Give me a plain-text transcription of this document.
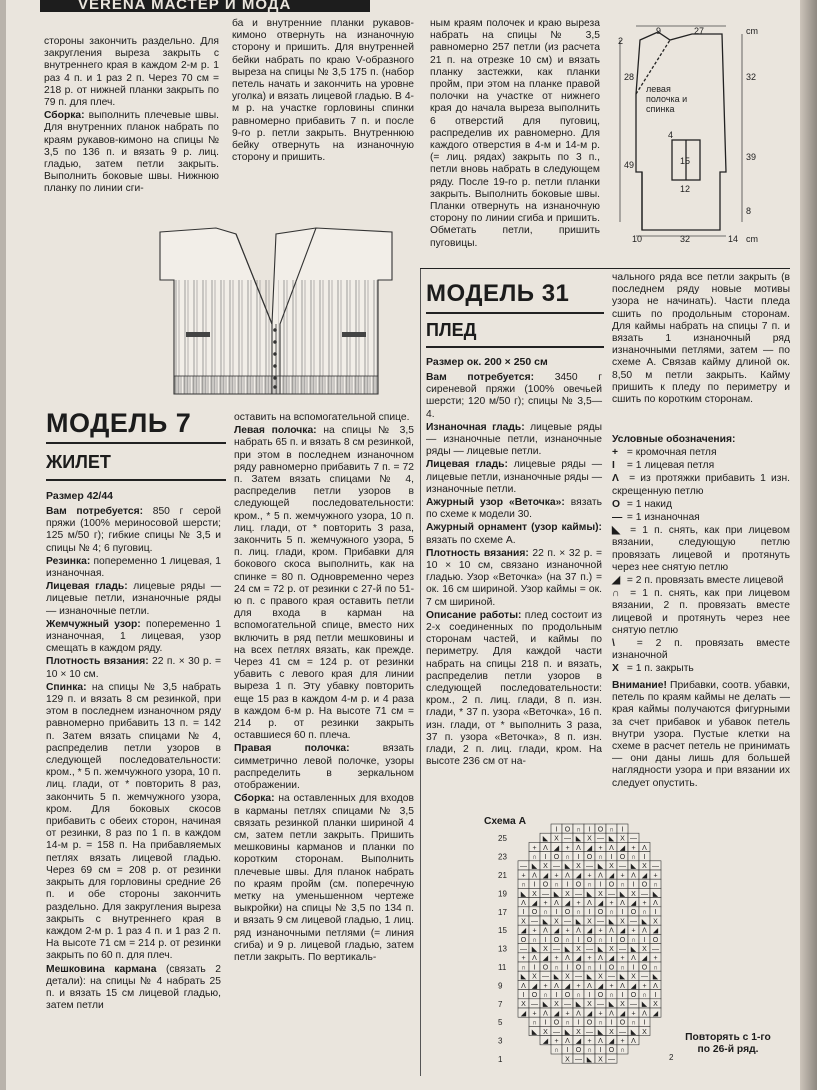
VERENA МАСТЕР И МОДА

стороны закончить раздельно. Для закругления выреза закрыть с внутреннего края в каждом 2-м р. 1 раз 4 п. и 1 раз 2 п. Через 70 см = 218 р. от нижней планки закрыть по 79 п. для плеч.

Сборка: выполнить плечевые швы. Для внутренних планок набрать по краям рукавов-кимоно на спицы № 3,5 по 136 п. и вязать 9 р. лиц. гладью, затем петли закрыть. Выполнить боковые швы. Нижнюю планку по линии сги-

ба и внутренние планки рукавов-кимоно отвернуть на изнаночную сторону и пришить. Для внутренней бейки набрать по краю V-образного выреза на спицы № 3,5 175 п. (набор петель начать и закончить на уровне уголка) и вязать лицевой гладью. В 4-м р. на участке горловины спинки равномерно прибавить 7 п. и после 9-го р. петли закрыть. Внутреннюю бейку отвернуть на изнаночную сторону и пришить.

ным краям полочек и краю выреза набрать на спицы № 3,5 равномерно 257 петли (из расчета 21 п. на отрезке 10 см) и вязать планку застежки, как планки пройм, при этом на планке правой полочки на участке от нижнего края до начала выреза выполнить 6 отверстий для пуговиц, распределив их равномерно. Для каждого отверстия в 4-м и 14-м р. (= лиц. рядах) закрыть по 3 п., петли вновь набрать в следующем ряду. После 19-го р. петли планки закрыть. Выполнить боковые швы. Планки отвернуть на изнаночную сторону по линии сгиба и пришить. Обметать петли, пришить пуговицы.

2
9	27	cm
28
49
32
39
8
4
15
12
10	32	14 cm
левая полочка и спинка
МОДЕЛЬ 7
ЖИЛЕТ
Размер 42/44

Вам потребуется: 850 г серой пряжи (100% мериносовой шерсти; 125 м/50 г); гибкие спицы № 3,5 и спицы № 4; 6 пуговиц.

Резинка: попеременно 1 лицевая, 1 изнаночная.

Лицевая гладь: лицевые ряды — лицевые петли, изнаночные ряды — изнаночные петли.

Жемчужный узор: попеременно 1 изнаночная, 1 лицевая, узор смещать в каждом ряду.

Плотность вязания: 22 п. × 30 р. = 10 × 10 см.

Спинка: на спицы № 3,5 набрать 129 п. и вязать 8 см резинкой, при этом в последнем изнаночном ряду равномерно прибавить 13 п. = 142 п. Затем вязать спицами № 4, распределив петли узоров в следующей последовательности: кром., * 5 п. жемчужного узора, 10 п. лиц. глади, от * повторить 8 раз, закончить 5 п. жемчужного узора, кром. Для боковых скосов прибавить с обеих сторон, начиная от резинки, 8 раз по 1 п. в каждом 14-м р. = 158 п. На прибавляемых петлях вязать лицевой гладью. Через 69 см = 208 р. от резинки закрыть для горловины средние 26 п. и обе стороны закончить раздельно. Для закругления выреза закрыть с внутреннего края в каждом 2-м р. 1 раз 4 п. и 1 раз 2 п. На высоте 71 см = 214 р. от резинки закрыть по 60 п. для плеч.

Мешковина кармана (связать 2 детали): на спицы № 4 набрать 25 п. и вязать 15 см лицевой гладью, затем петли

оставить на вспомогательной спице.

Левая полочка: на спицы № 3,5 набрать 65 п. и вязать 8 см резинкой, при этом в последнем изнаночном ряду равномерно прибавить 7 п. = 72 п. Затем вязать спицами № 4, распределив петли узоров в следующей последовательности: кром., * 5 п. жемчужного узора, 10 п. лиц. глади, от * повторить 3 раза, закончить 5 п. жемчужного узора, 5 п. лиц. глади, кром. Прибавки для бокового скоса выполнить, как на спинке = 80 п. Одновременно через 24 см = 72 р. от резинки с 27-й по 51-ю п. с правого края оставить петли для входа в карман на вспомогательной спице, вместо них включить в ряд петли мешковины и на всех петлях вязать, как прежде. Через 41 см = 124 р. от резинки убавить с левого края для линии выреза 1 п. Эту убавку повторить еще 15 раз в каждом 4-м р. и 4 раза в каждом 6-м р. На высоте 71 см = 214 р. от резинки закрыть оставшиеся 60 п. плеча.

Правая полочка: вязать симметрично левой полочке, узоры распределить в зеркальном отображении.

Сборка: на оставленных для входов в карманы петлях спицами № 3,5 связать резинкой планки шириной 4 см, затем петли закрыть. Пришить мешковины карманов и планки по коротким сторонам. Выполнить плечевые швы. Для планок набрать по краям пройм (см. поперечную метку на уменьшенном чертеже выкройки) на спицы № 3,5 по 134 п. и вязать 9 см лицевой гладью, 1 лиц. ряд изнаночными петлями (= линия сгиба) и 9 р. лицевой гладью, затем петли закрыть. По вертикаль-

МОДЕЛЬ 31
ПЛЕД
Размер ок. 200 × 250 см

Вам потребуется: 3450 г сиреневой пряжи (100% овечьей шерсти; 120 м/50 г); спицы № 3,5—4.

Изнаночная гладь: лицевые ряды — изнаночные петли, изнаночные ряды — лицевые петли.

Лицевая гладь: лицевые ряды — лицевые петли, изнаночные ряды — изнаночные петли.

Ажурный узор «Веточка»: вязать по схеме к модели 30.

Ажурный орнамент (узор каймы): вязать по схеме А.

Плотность вязания: 22 п. × 32 р. = 10 × 10 см, связано изнаночной гладью. Узор «Веточка» (на 37 п.) = ок. 16 см шириной. Узор каймы = ок. 7 см шириной.

Описание работы: плед состоит из 2-х соединенных по продольным сторонам частей, и каймы по периметру. Для каждой части набрать на спицы 218 п. и вязать, распределив петли узоров в следующей последовательности: кром., 2 п. лиц. глади, 8 п. изн. глади, * 37 п. узора «Веточка», 16 п. изн. глади, от * выполнить 3 раза, 37 п. узора «Веточка», 8 п. изн. глади, 2 п. лиц. глади, кром. На высоте 236 см от на-

чального ряда все петли закрыть (в последнем ряду новые мотивы узора не начинать). Части пледа сшить по продольным сторонам. Для каймы набрать на спицы 7 п. и вязать 1 изнаночный ряд изнаночными петлями, затем — по схеме А. Связав кайму длиной ок. 8,50 м петли закрыть. Кайму пришить к пледу по периметру и сшить по коротким сторонам.

Условные обозначения:

+ = кромочная петля

I = 1 лицевая петля

Λ = из протяжки прибавить 1 изн. скрещенную петлю

O = 1 накид

— = 1 изнаночная

◣ = 1 п. снять, как при лицевом вязании, следующую петлю провязать лицевой и протянуть через нее снятую петлю

◢ = 2 п. провязать вместе лицевой

∩ = 1 п. снять, как при лицевом вязании, 2 п. провязать вместе лицевой и протянуть через нее снятую петлю

\ = 2 п. провязать вместе изнаночной

X = 1 п. закрыть

Внимание! Прибавки, соотв. убавки, петель по краям каймы не делать — края каймы получаются фигурными за счет прибавок и убавок петель внутри узора. Пустые клетки на схеме в расчет петель не принимать — они даны лишь для большей наглядности узора и при вязании их следует опустить.

Схема А
I O ∩ I O ∩ I
◣ X — ◣ X — ◣ X —
+ Λ ◢ + Λ ◢ + Λ ◢ + Λ
∩ I O ∩ I O ∩ I O ∩ I
— ◣ X — ◣ X — ◣ X — ◣ X —
+ Λ ◢ + Λ ◢ + Λ ◢ + Λ ◢ +
∩ I O ∩ I O ∩ I O ∩ I O ∩
◣ X — ◣ X — ◣ X — ◣ X — ◣
Λ ◢ + Λ ◢ + Λ ◢ + Λ ◢ + Λ
I O ∩ I O ∩ I O ∩ I O ∩ I
X — ◣ X — ◣ X — ◣ X — ◣ X
◢ + Λ ◢ + Λ ◢ + Λ ◢ + Λ ◢
O ∩ I O ∩ I O ∩ I O ∩ I O
— ◣ X — ◣ X — ◣ X — ◣ X —
+ Λ ◢ + Λ ◢ + Λ ◢ + Λ ◢ +
∩ I O ∩ I O ∩ I O ∩ I O ∩
◣ X — ◣ X — ◣ X — ◣ X — ◣
Λ ◢ + Λ ◢ + Λ ◢ + Λ ◢ + Λ
I O ∩ I O ∩ I O ∩ I O ∩ I
X — ◣ X — ◣ X — ◣ X — ◣ X
◢ + Λ ◢ + Λ ◢ + Λ ◢ + Λ ◢
∩ I O ∩ I O ∩ I O ∩ I
◣ X — ◣ X — ◣ X — ◣ X
◢ + Λ ◢ + Λ ◢ + Λ
∩ I O ∩ I O ∩
X — ◣ X —
25
23
21
19
17
15
13
11
9
7
5
3
1	2
Повторять с 1-го по 26-й ряд.
